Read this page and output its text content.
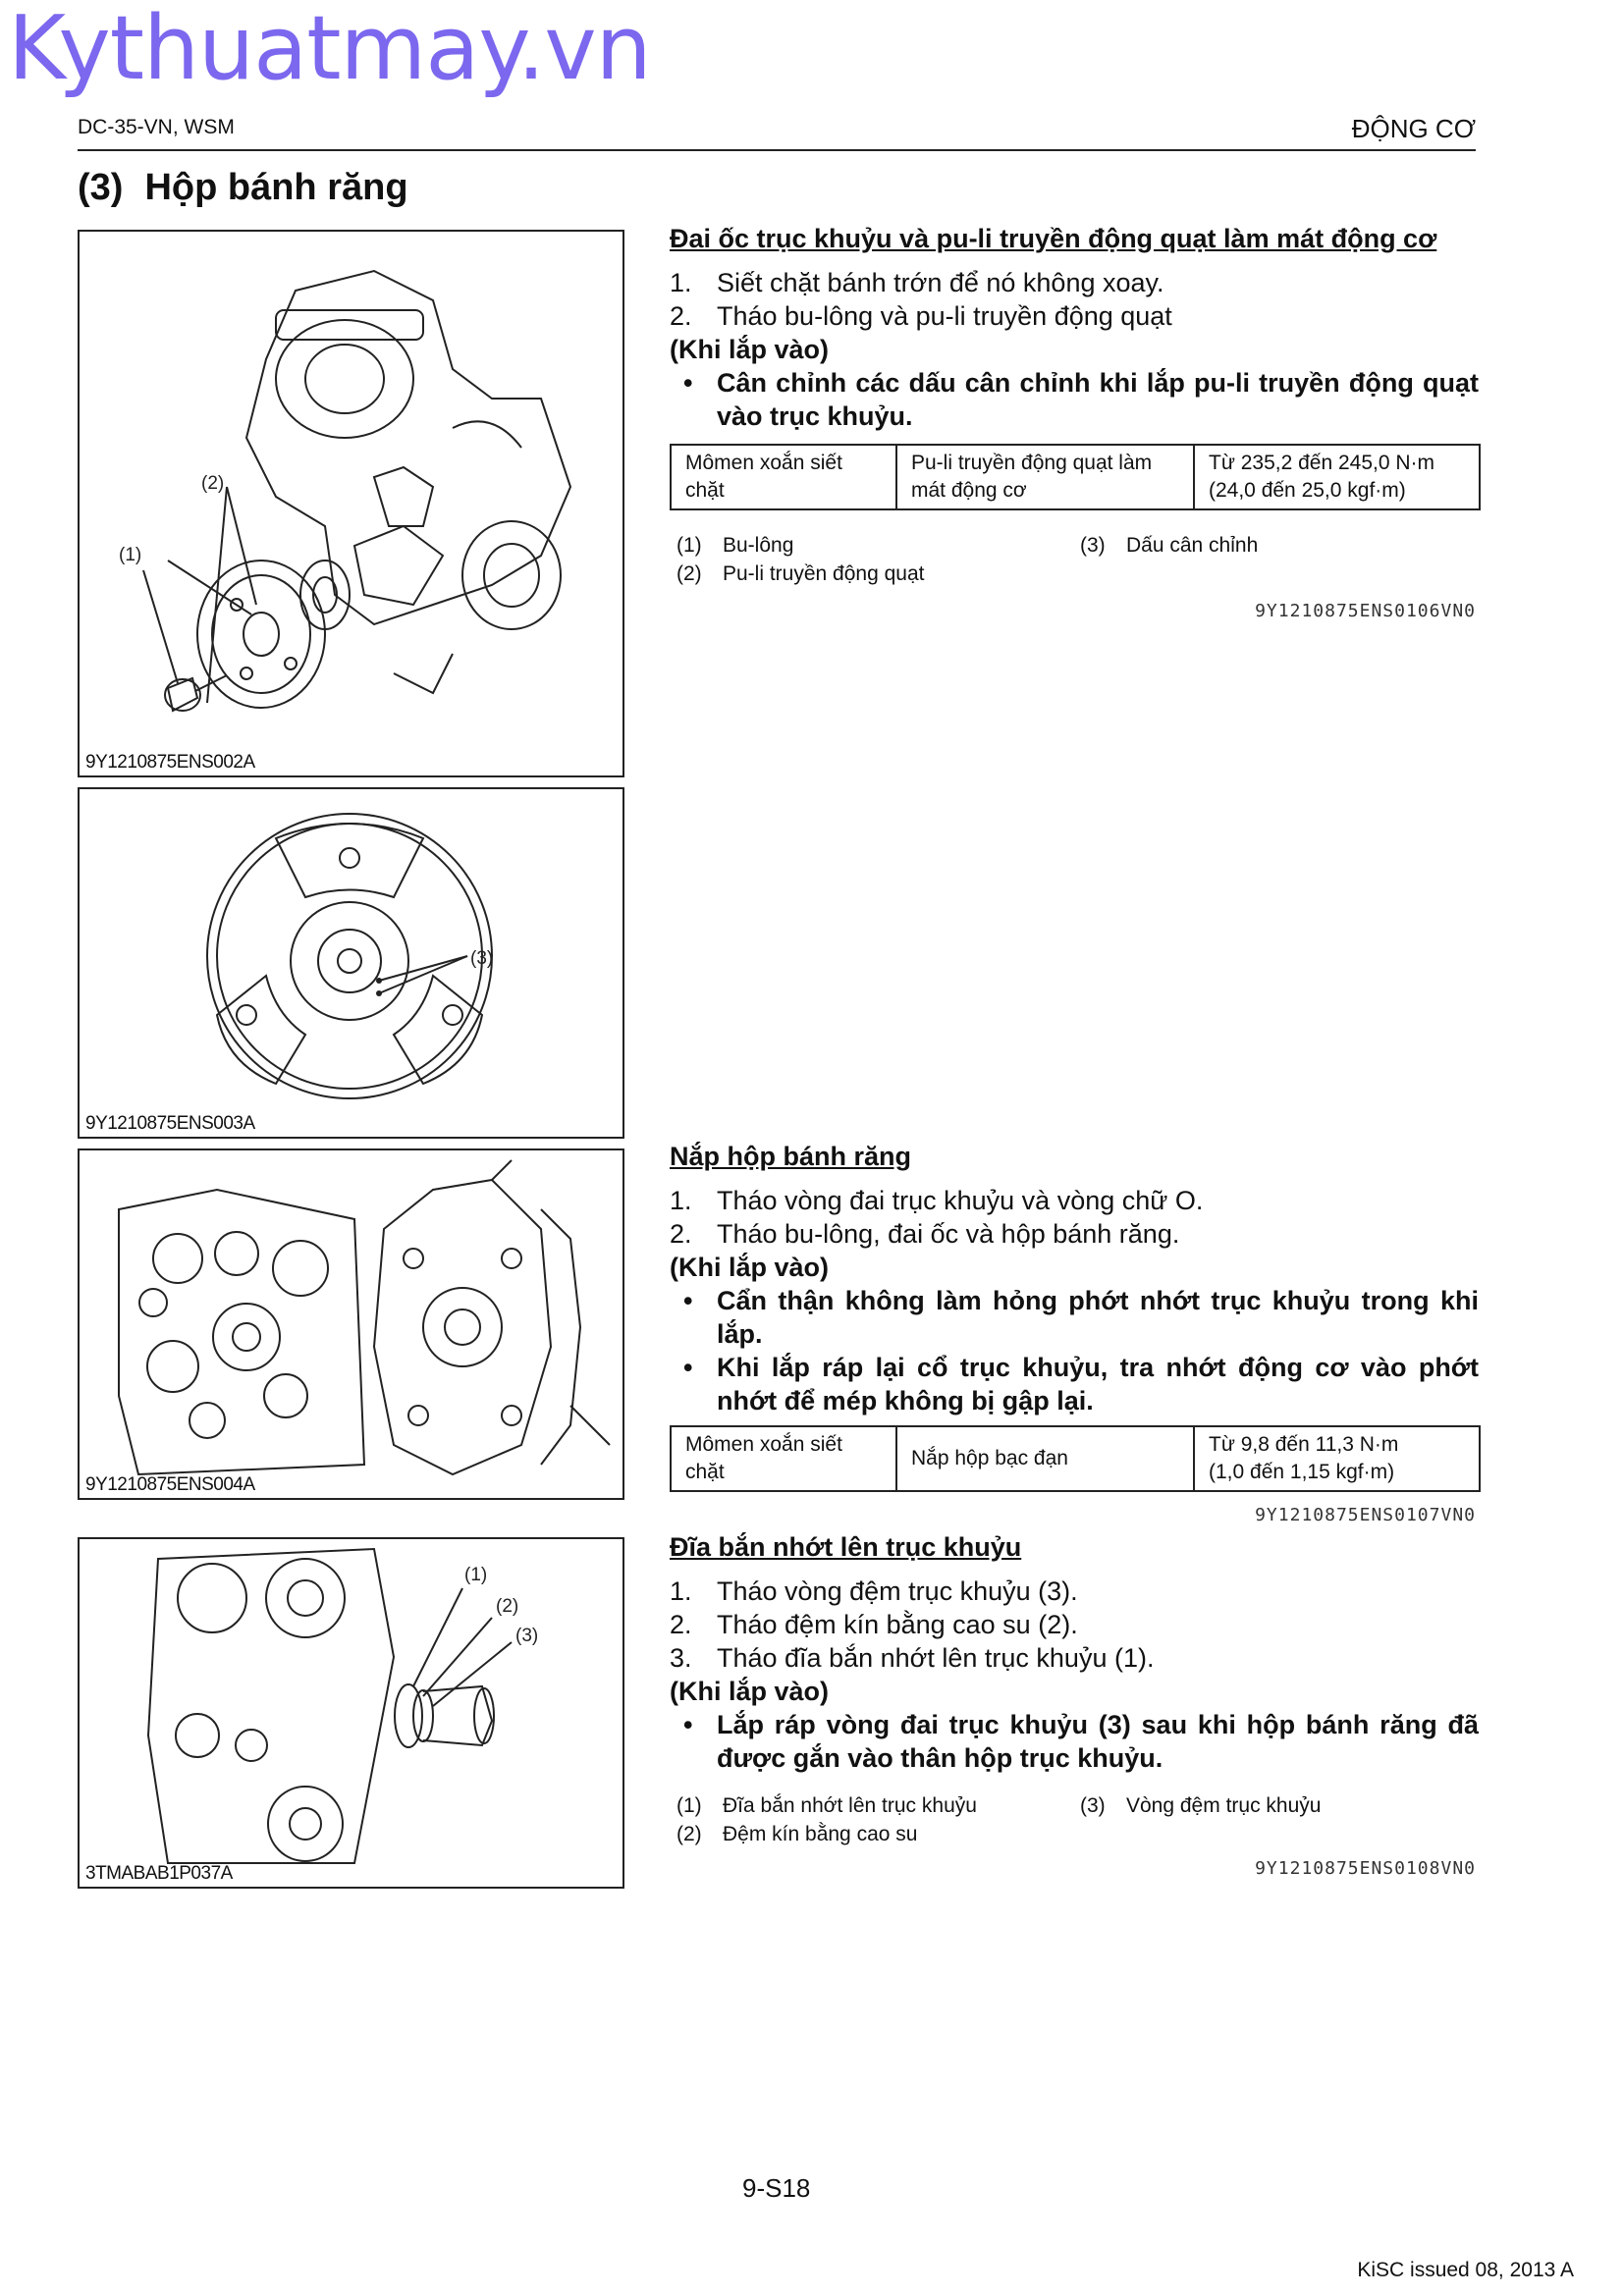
Kythuatmay.vn
DC-35-VN, WSM	ĐỘNG CƠ
(3) Hộp bánh răng
(2)
(1)
9Y1210875ENS002A
(3)
9Y1210875ENS003A
9Y1210875ENS004A
(1)
(2)
(3)
3TMABAB1P037A
Đai ốc trục khuỷu và pu-li truyền động quạt làm mát động cơ
1. Siết chặt bánh trớn để nó không xoay.
2. Tháo bu-lông và pu-li truyền động quạt
(Khi lắp vào)
• Cân chỉnh các dấu cân chỉnh khi lắp pu-li truyền động quạt vào trục khuỷu.
Mômen xoắn siết chặt	Pu-li truyền động quạt làm mát động cơ	Từ 235,2 đến 245,0 N·m
(24,0 đến 25,0 kgf·m)
(1) Bu-lông
(2) Pu-li truyền động quạt
(3) Dấu cân chỉnh
9Y1210875ENS0106VN0
Nắp hộp bánh răng
1. Tháo vòng đai trục khuỷu và vòng chữ O.
2. Tháo bu-lông, đai ốc và hộp bánh răng.
(Khi lắp vào)
• Cẩn thận không làm hỏng phớt nhớt trục khuỷu trong khi lắp.
• Khi lắp ráp lại cổ trục khuỷu, tra nhớt động cơ vào phớt nhớt để mép không bị gập lại.
Mômen xoắn siết chặt	Nắp hộp bạc đạn	Từ 9,8 đến 11,3 N·m
(1,0 đến 1,15 kgf·m)
9Y1210875ENS0107VN0
Đĩa bắn nhớt lên trục khuỷu
1. Tháo vòng đệm trục khuỷu (3).
2. Tháo đệm kín bằng cao su (2).
3. Tháo đĩa bắn nhớt lên trục khuỷu (1).
(Khi lắp vào)
• Lắp ráp vòng đai trục khuỷu (3) sau khi hộp bánh răng đã được gắn vào thân hộp trục khuỷu.
(1) Đĩa bắn nhớt lên trục khuỷu
(2) Đệm kín bằng cao su
(3) Vòng đệm trục khuỷu
9Y1210875ENS0108VN0
9-S18
KiSC issued 08, 2013 A
